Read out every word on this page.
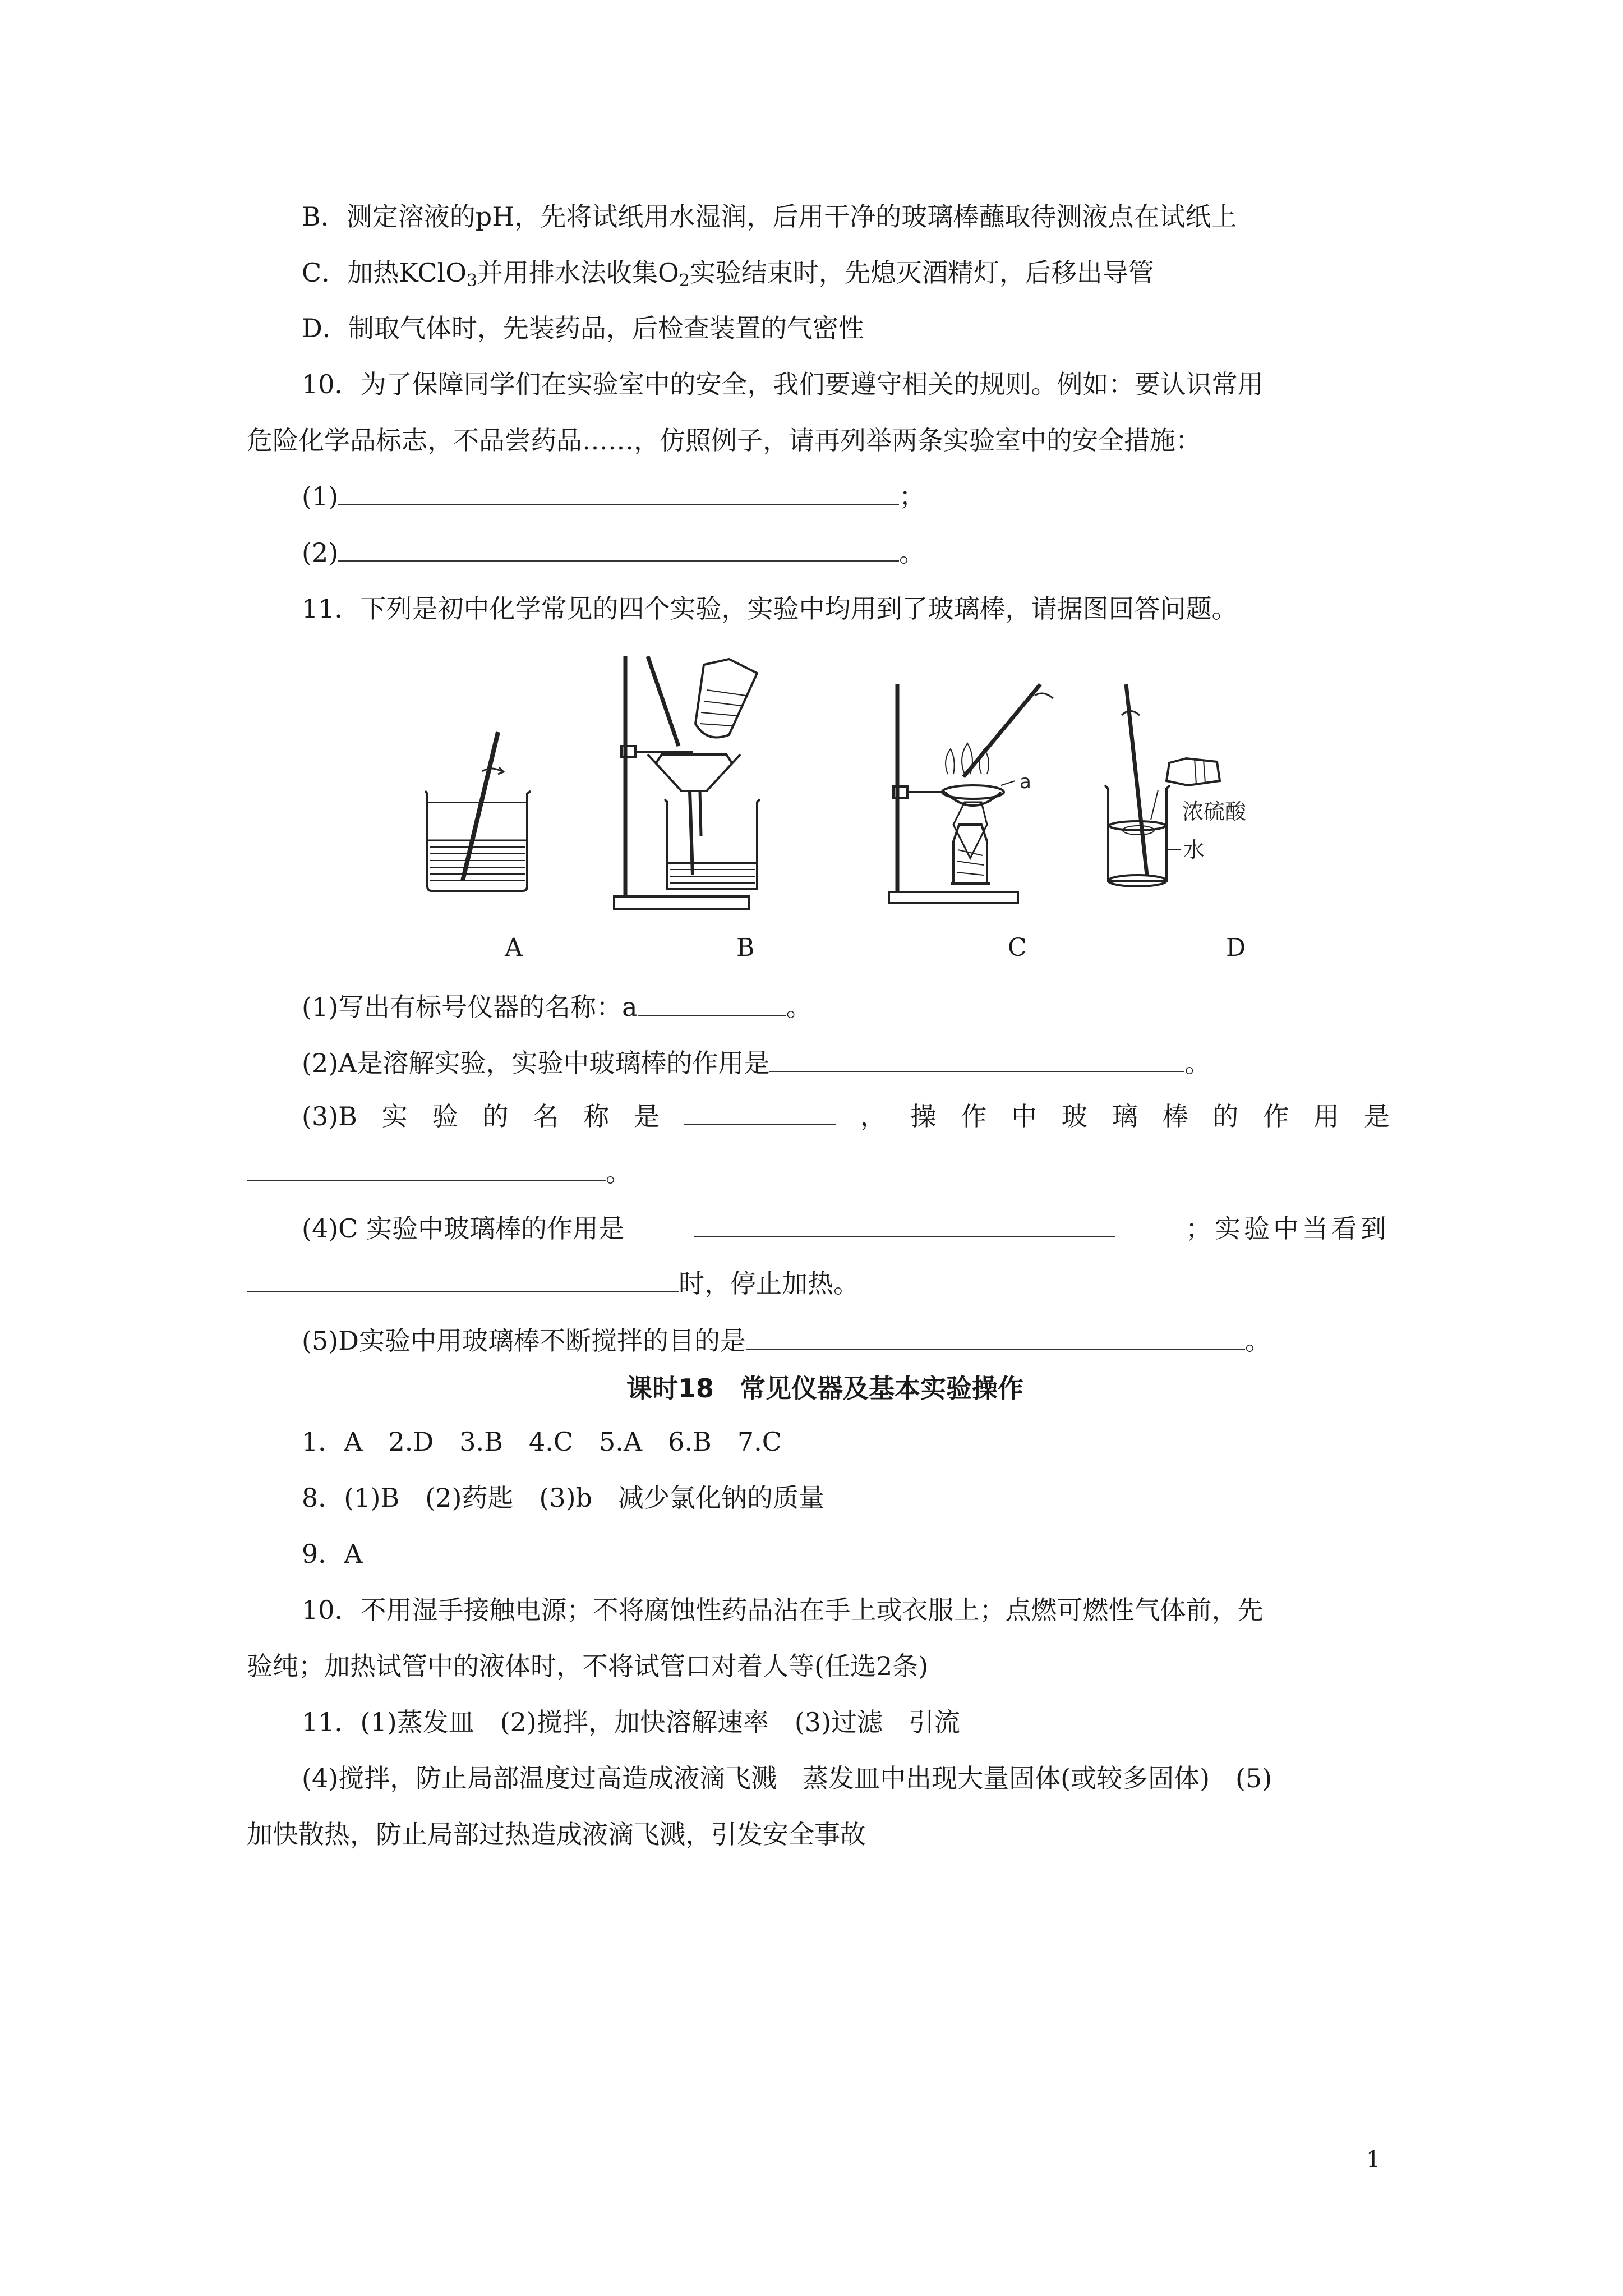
B．测定溶液的pH，先将试纸用水湿润，后用干净的玻璃棒蘸取待测液点在试纸上
C．加热KClO$_3$并用排水法收集$O_2$实验结束时，先熄灭酒精灯，后移出导管
D．制取气体时，先装药品，后检查装置的气密性
10．为了保障同学们在实验室中的安全，我们要遵守相关的规则。例如：要认识常用
危险化学品标志，不品尝药品……，仿照例子，请再列举两条实验室中的安全措施：
(1)	；
(2)	。
11．下列是初中化学常见的四个实验，实验中均用到了玻璃棒，请据图回答问题。
a
浓硫酸
水
A	B	C	D
(1)写出有标号仪器的名称：a	。
(2)A是溶解实验，实验中玻璃棒的作用是	。
(3)B 实 验 的 名 称 是	， 操 作 中 玻 璃 棒 的 作 用 是
。
(4)C 实验中玻璃棒的作用是	；实验中当看到
时，停止加热。
(5)D实验中用玻璃棒不断搅拌的目的是	。
课时18　常见仪器及基本实验操作
1．A　2.D　3.B　4.C　5.A　6.B　7.C
8．(1)B　(2)药匙　(3)b　减少氯化钠的质量
9．A
10．不用湿手接触电源；不将腐蚀性药品沾在手上或衣服上；点燃可燃性气体前，先
验纯；加热试管中的液体时，不将试管口对着人等(任选2条)
11．(1)蒸发皿　(2)搅拌，加快溶解速率　(3)过滤　引流
(4)搅拌，防止局部温度过高造成液滴飞溅　蒸发皿中出现大量固体(或较多固体)　(5)
加快散热，防止局部过热造成液滴飞溅，引发安全事故
1
